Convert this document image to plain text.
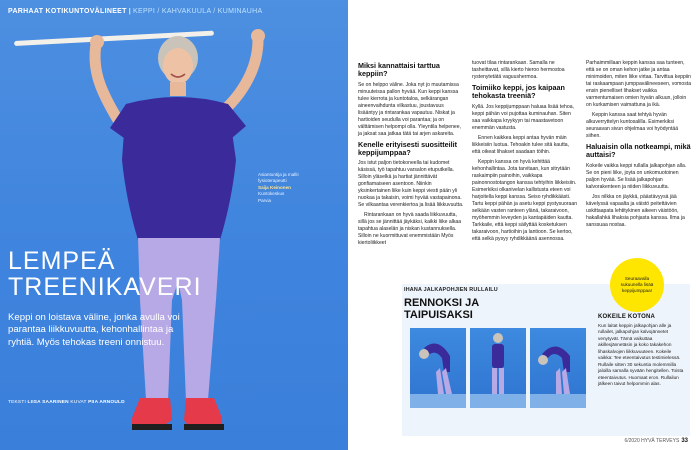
PARHAAT KOTIKUNTOVÄLINEET | KEPPI / KAHVAKUULA / KUMINAUHA
Asiantuntija ja mallit
fysioterapeutti
Saija Keinonen
Kuntokeskus
Parvia
LEMPEÄ
TREENIKAVERI
Keppi on loistava väline, jonka avulla voi parantaa liikkuvuutta, kehonhallintaa ja ryhtiä. Myös tehokas treeni onnistuu.
TEKSTI LIISA SAARINEN KUVAT PIIA ARNOULD
Miksi kannattaisi tarttua keppiin?

Se on helppo väline. Joka nyt jo muutamissa minuuteissa pallon hyvää. Kun keppi kanssa tulee kierrota ja kuntotaloa, selkärangan aineenvaihdunta vilkastuu, joustavuus lisääntyy ja rintarankaa vapautuu. Niskat ja hartioiden seudulla voi parantaa; ja on välttämisen helpompi olla. Yleyntila helpenee, ja jaksat saa jatkaa tätä tai arjen askareita.

Kenelle erityisesti suositteilit keppijumppaa?

Jos istut paljon tietokoneella tai kudomet käsissä, työ tapahtuu varsalon etuputkella. Silloin yläselkä ja hartiat jännittävät gonfiamaiseen asentoon. Niinkin yksinkertainen liike kuin keppi viesti pään yli nuokaa ja takaisin, voimi hyvää vastapainona. Se vilkaantaa verenkiertoa ja lisää liikkuvuutta.

Rintarankaan on hyvä saada liikkuvuutta, sillä jos se jännittää jäykäksi, kaikki liike alkaa tapahtua alaselän ja niskan kustannuksella. Silloin ne kuormittuvat enemmistään Myös kiertoliikkeet

tuovat tilaa rintarankaan. Samalla ne tasheittavat, sillä kierto hieroo hermostoa rystenytetätä vaguushermoa.

Toimiiko keppi, jos kaipaan tehokasta treeniä?

Kyllä. Jos keppijumppaan haluaa lisää tehoa, keppi pähän voi pujottaa kuminauhan. Siten saa vaikkapa kryykyyn tai maastavetoon enemmän vastusta.

Ennen kaikkea keppi antaa hyvän mäin liikkeisiin luotua. Tehoakin tulee sitä kautta, että oikeat lihakset saadaan töihin.

Keppin kanssa on hyvä kehittää kehonhallintaa. Jota tarvitaan, kun sitrytään raskaimpiin painoihin, vaikkapa painonnostotangon kanssa tehtyihin liikkeisiin. Esimerkiksi olkanivelan kallistusta eteen voi harjoitella keppi kanssa. Seiso ryhdikkäästi. Tartu keppi pähän ja asetu keppi pystysuoraan selkään vasten ranteen ylänä, takaraivoon, myöhemmin leveyden ja kantapäiden kautta. Tarkkaile, että keppi säilyttää kosketuksen takaraivoon, hartioihin ja lantioon. Se kertoo, että selkä pysyy ryhdikkäänä asennossa.

Parhaimmillaan keppin kanssa saa tunteen, että se on oman kehon jatke ja antaa minimoiden, miten liike virtaa. Tarvittua keppiin tai raskaampaan jumppavälineeseen, vomosta ensin pienelliset lihakset vaikka varmentumaisen omien hyvän alkuun, jolloin on kurkamisen vaimattuna ja ikä.

Keppin kanssa saat tehtyä hyvän alkuverryttelyn kuntosalilla. Esimerkiksi seuraavan sivun ohjelmaa voi hyödyntää siihen.

Haluaisin olla notkeampi, mikä auttaisi?

Kokeile vaikka keppi rullalla jalkapohjan alla. Se on pieni liike, joyta on unkomuotoinen paljon hyvää. Se lisää jalkapohjan kalvorakenteen ja niiden liikkuvuutta.

Jos nilkka on jäykkä, päästävyysä jää kävelyssä vapaalta ja väistö peitettävien uskittaapata lehtitykinen aikeen väistöön, hakallahkä lihaksia pohjasta kanssa. Ilma ja sanssuaa nostaa.

IHANA JALKAPOHJIEN RULLAILU
RENNOKSI JA
TAIPUISAKSI
Seuraavalla sukuunella lisää keppijumppaa!
KOKEILE KOTONA
Kun laitat keppin jalkapohjan alle ja rullailet, jalkapohjan kalvojännetet venytyvät. Tämä vaikuttaa akillesjännetäsin ja koko takakehon lihaskalvojen liikkuvuuteen. Kokeile vaikka: Tee eteentaivutus testimielessä. Rullaile sitten 30 sekuntia molemmilla jaloilla samalla syvään hengitellen. Toista eteentaivutus. Huomaat eron. Rullailun jälkeen taivut helpommin alas.
6/2020 HYVÄ TERVEYS 33
